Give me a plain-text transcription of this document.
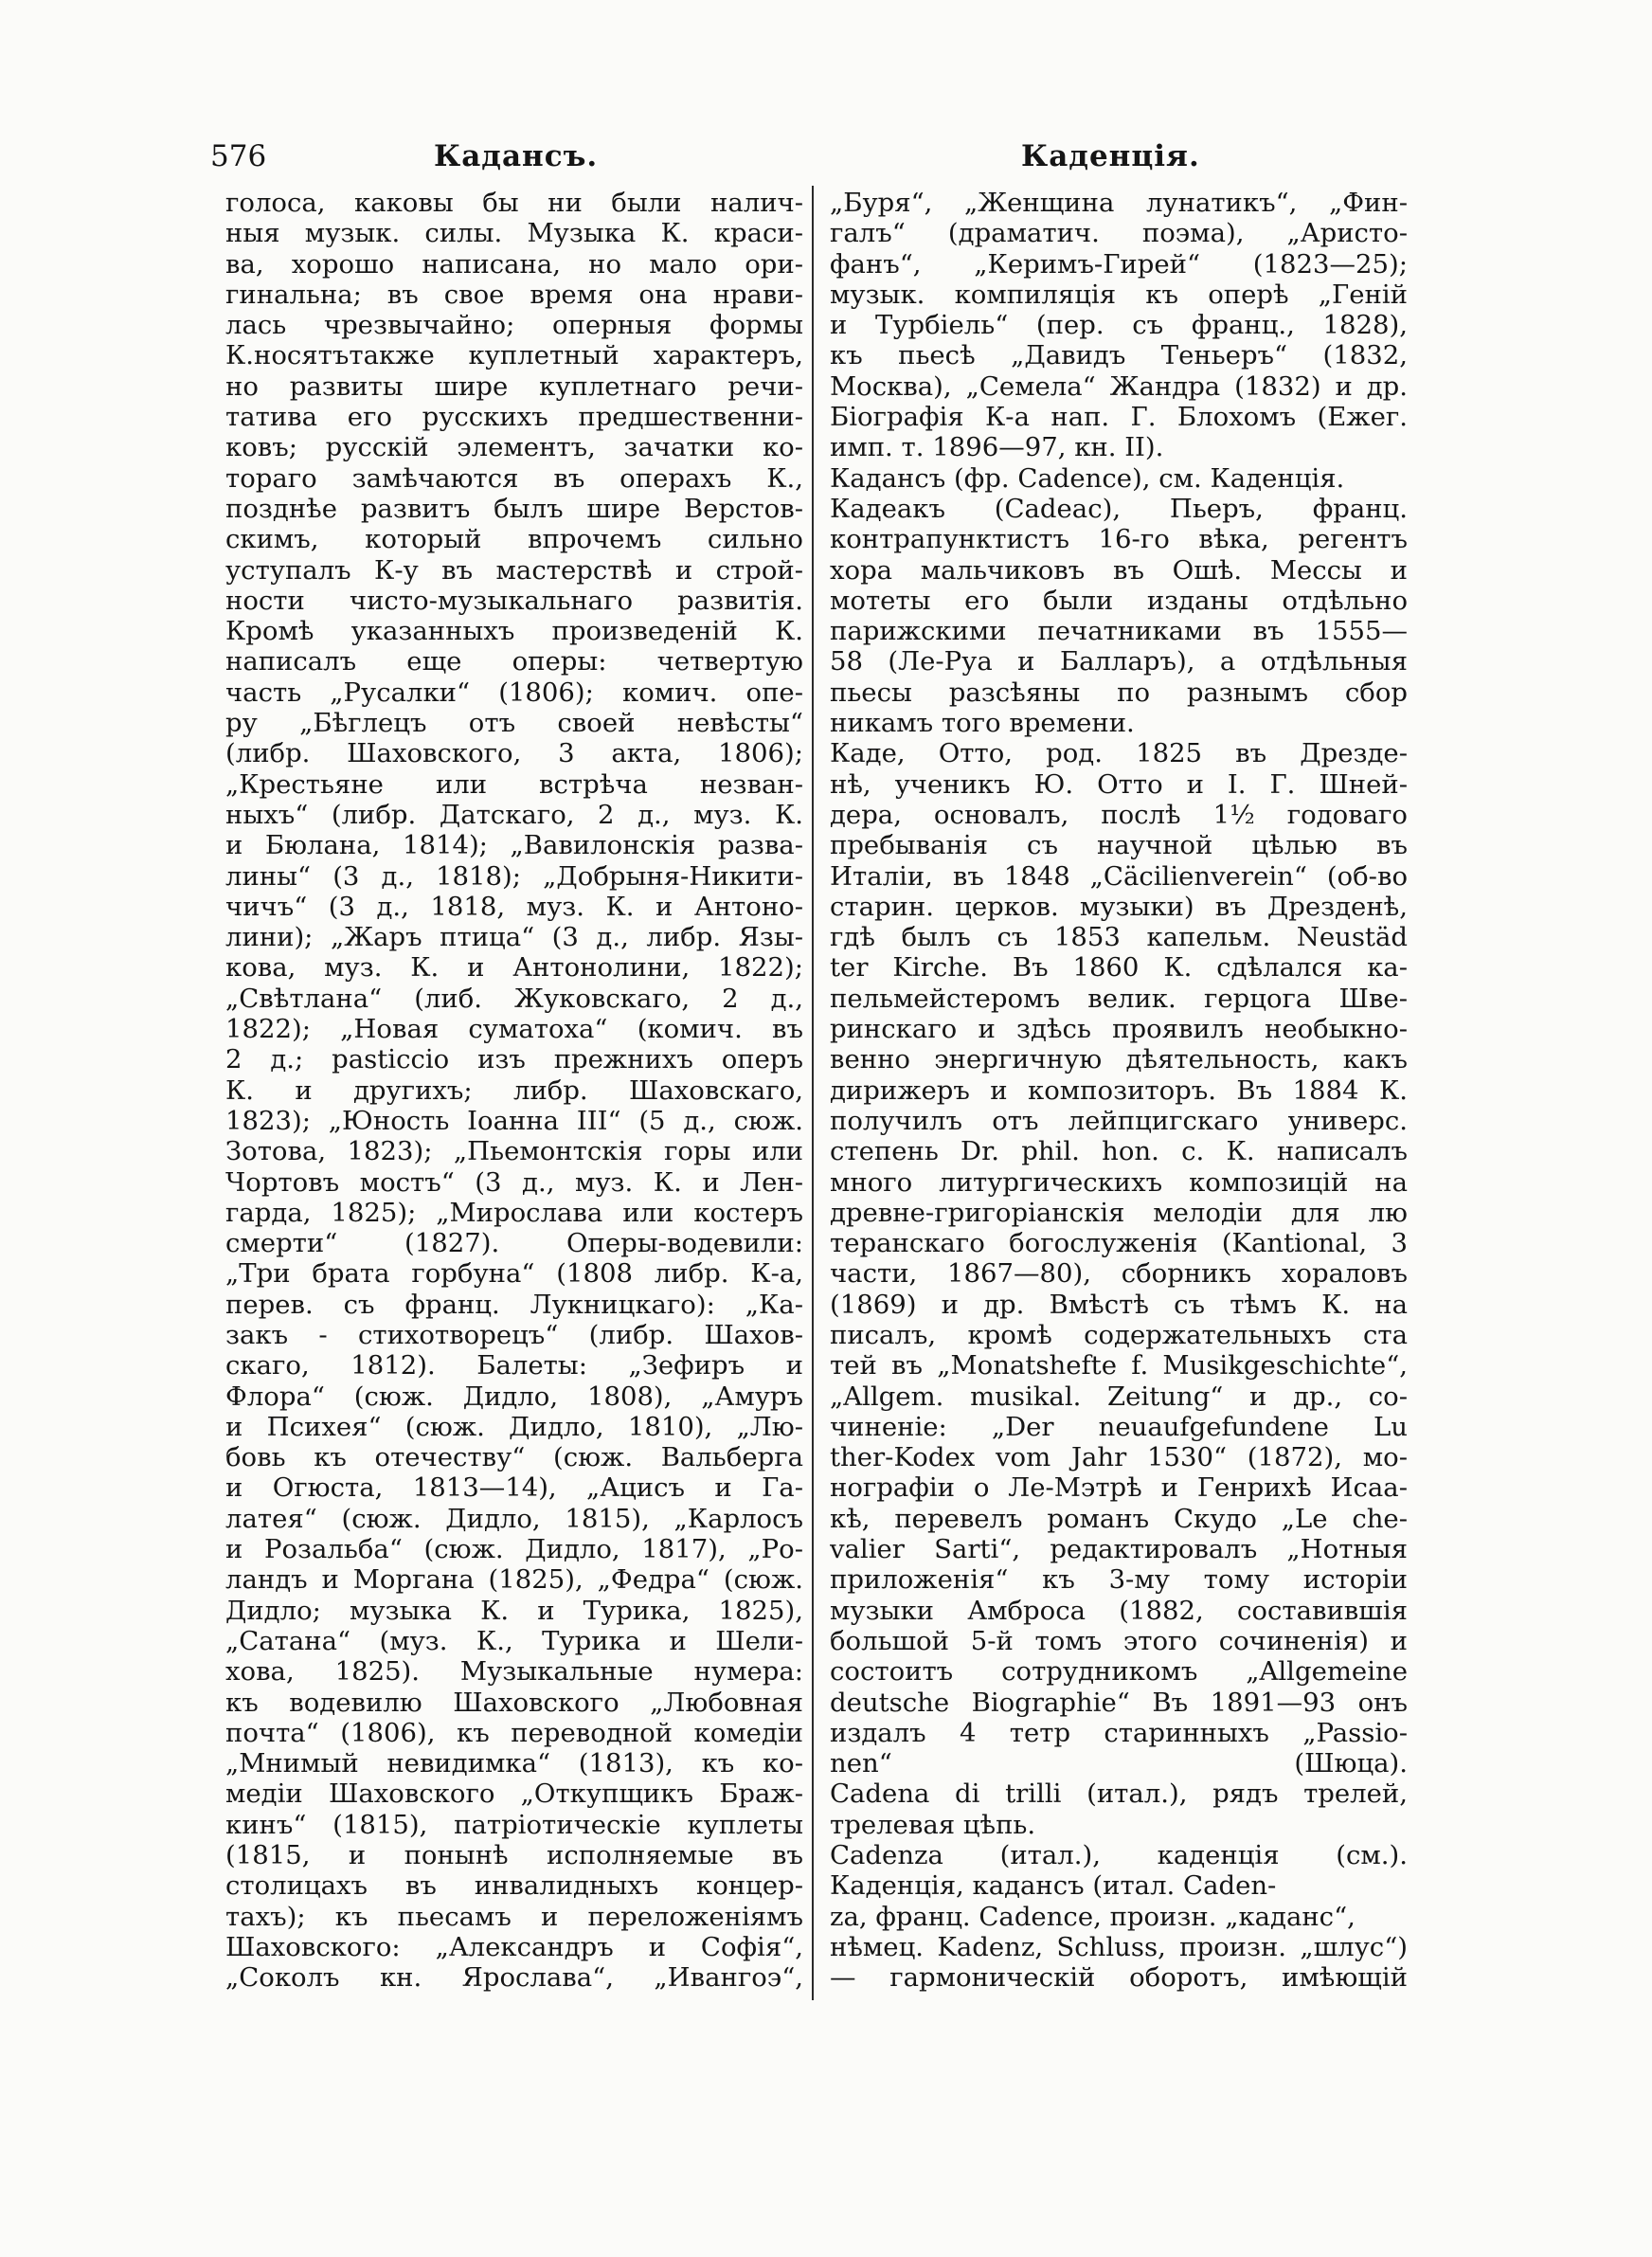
576	Кадансъ.	Каденція.
голоса, каковы бы ни были налич-
ныя музык. силы. Музыка К. краси-
ва, хорошо написана, но мало ори-
гинальна; въ свое время она нрави-
лась чрезвычайно; оперныя формы
К.носятътакже куплетный характеръ,
но развиты шире куплетнаго речи-
татива его русскихъ предшественни-
ковъ; русскій элементъ, зачатки ко-
тораго замѣчаются въ операхъ К.,
позднѣе развитъ былъ шире Верстов-
скимъ, который впрочемъ сильно
уступалъ К-у въ мастерствѣ и строй-
ности чисто-музыкальнаго развитія.
Кромѣ указанныхъ произведеній К.
написалъ еще оперы: четвертую
часть „Русалки“ (1806); комич. опе-
ру „Бѣглецъ отъ своей невѣсты“
(либр. Шаховского, 3 акта, 1806);
„Крестьяне или встрѣча незван-
ныхъ“ (либр. Датскаго, 2 д., муз. К.
и Бюлана, 1814); „Вавилонскія разва-
лины“ (3 д., 1818); „Добрыня-Никити-
чичъ“ (3 д., 1818, муз. К. и Антоно-
лини); „Жаръ птица“ (3 д., либр. Язы-
кова, муз. К. и Антонолини, 1822);
„Свѣтлана“ (либ. Жуковскаго, 2 д.,
1822); „Новая суматоха“ (комич. въ
2 д.; pasticcio изъ прежнихъ оперъ
К. и другихъ; либр. Шаховскаго,
1823); „Юность Іоанна III“ (5 д., сюж.
Зотова, 1823); „Пьемонтскія горы или
Чортовъ мостъ“ (3 д., муз. К. и Лен-
гарда, 1825); „Мирослава или костеръ
смерти“ (1827). Оперы-водевили:
„Три брата горбуна“ (1808 либр. К-а,
перев. съ франц. Лукницкаго): „Ка-
закъ - стихотворецъ“ (либр. Шахов-
скаго, 1812). Балеты: „Зефиръ и
Флора“ (сюж. Дидло, 1808), „Амуръ
и Психея“ (сюж. Дидло, 1810), „Лю-
бовь къ отечеству“ (сюж. Вальберга
и Огюста, 1813—14), „Ацисъ и Га-
латея“ (сюж. Дидло, 1815), „Карлосъ
и Розальба“ (сюж. Дидло, 1817), „Ро-
ландъ и Моргана (1825), „Федра“ (сюж.
Дидло; музыка К. и Турика, 1825),
„Сатана“ (муз. К., Турика и Шели-
хова, 1825). Музыкальные нумера:
къ водевилю Шаховского „Любовная
почта“ (1806), къ переводной комедіи
„Мнимый невидимка“ (1813), къ ко-
медіи Шаховского „Откупщикъ Браж-
кинъ“ (1815), патріотическіе куплеты
(1815, и понынѣ исполняемые въ
столицахъ въ инвалидныхъ концер-
тахъ); къ пьесамъ и переложеніямъ
Шаховского: „Александръ и Софія“,
„Соколъ кн. Ярослава“, „Ивангоэ“,
„Буря“, „Женщина лунатикъ“, „Фин-
галъ“ (драматич. поэма), „Аристо-
фанъ“, „Керимъ-Гирей“ (1823—25);
музык. компиляція къ оперѣ „Геній
и Турбіель“ (пер. съ франц., 1828),
къ пьесѣ „Давидъ Теньеръ“ (1832,
Москва), „Семела“ Жандра (1832) и др.
Біографія К-а нап. Г. Блохомъ (Ежег.
имп. т. 1896—97, кн. II).
Кадансъ (фр. Cadence), см. Каденція.
Кадеакъ (Cadeac), Пьеръ, франц.
контрапунктистъ 16-го вѣка, регентъ
хора мальчиковъ въ Ошѣ. Мессы и
мотеты его были изданы отдѣльно
парижскими печатниками въ 1555—
58 (Ле-Руа и Балларъ), а отдѣльныя
пьесы разсѣяны по разнымъ сбор
никамъ того времени.
Каде, Отто, род. 1825 въ Дрезде-
нѣ, ученикъ Ю. Отто и І. Г. Шней-
дера, основалъ, послѣ 1½ годоваго
пребыванія съ научной цѣлью въ
Италіи, въ 1848 „Cäcilienverein“ (об-во
старин. церков. музыки) въ Дрезденѣ,
гдѣ былъ съ 1853 капельм. Neustäd
ter Kirche. Въ 1860 К. сдѣлался ка-
пельмейстеромъ велик. герцога Шве-
ринскаго и здѣсь проявилъ необыкно-
венно энергичную дѣятельность, какъ
дирижеръ и композиторъ. Въ 1884 К.
получилъ отъ лейпцигскаго универс.
степень Dr. phil. hon. c. К. написалъ
много литургическихъ композицій на
древне-григоріанскія мелодіи для лю
теранскаго богослуженія (Kantional, 3
части, 1867—80), сборникъ хораловъ
(1869) и др. Вмѣстѣ съ тѣмъ К. на
писалъ, кромѣ содержательныхъ ста
тей въ „Monatshefte f. Musikgeschichte“,
„Allgem. musikal. Zeitung“ и др., со-
чиненіе: „Der neuaufgefundene Lu
ther-Kodex vom Jahr 1530“ (1872), мо-
нографіи о Ле-Мэтрѣ и Генрихѣ Исаа-
кѣ, перевелъ романъ Скудо „Le che-
valier Sarti“, редактировалъ „Нотныя
приложенія“ къ 3-му тому исторіи
музыки Амброса (1882, составившія
большой 5-й томъ этого сочиненія) и
состоитъ сотрудникомъ „Allgemeine
deutsche Biographie“ Въ 1891—93 онъ
издалъ 4 тетр старинныхъ „Passio-
nen“ (Шюца).
Cadena di trilli (итал.), рядъ трелей,
трелевая цѣпь.
Cadenza (итал.), каденція (см.).
Каденція, кадансъ (итал. Caden-
za, франц. Cadence, произн. „каданс“,
нѣмец. Kadenz, Schluss, произн. „шлус“)
— гармоническій оборотъ, имѣющій
